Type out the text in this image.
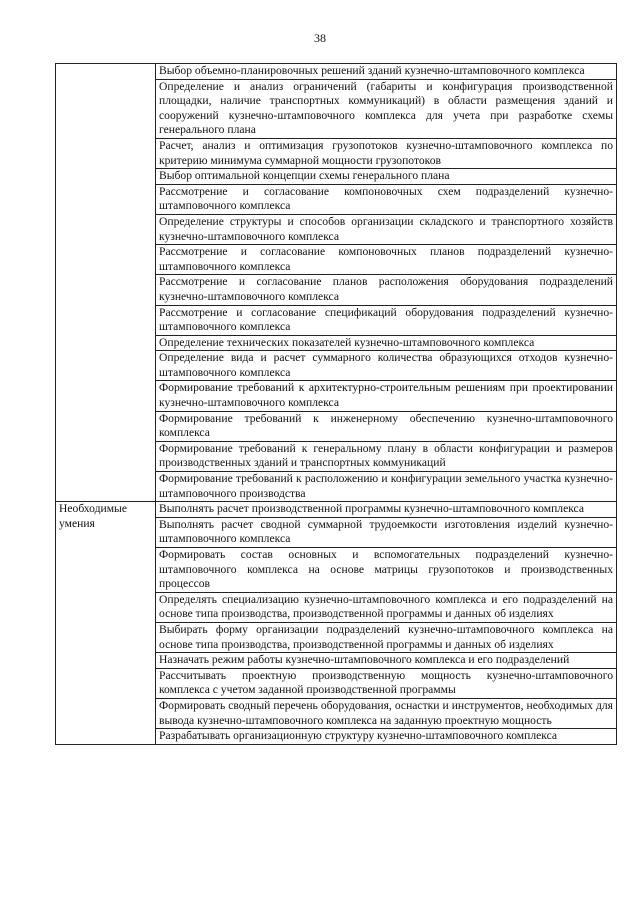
38
	Выбор объемно-планировочных решений зданий кузнечно-штамповочного комплекса
	Определение и анализ ограничений (габариты и конфигурация производственной площадки, наличие транспортных коммуникаций) в области размещения зданий и сооружений кузнечно-штамповочного комплекса для учета при разработке схемы генерального плана
	Расчет, анализ и оптимизация грузопотоков кузнечно-штамповочного комплекса по критерию минимума суммарной мощности грузопотоков
	Выбор оптимальной концепции схемы генерального плана
	Рассмотрение и согласование компоновочных схем подразделений кузнечно-штамповочного комплекса
	Определение структуры и способов организации складского и транспортного хозяйств кузнечно-штамповочного комплекса
	Рассмотрение и согласование компоновочных планов подразделений кузнечно-штамповочного комплекса
	Рассмотрение и согласование планов расположения оборудования подразделений кузнечно-штамповочного комплекса
	Рассмотрение и согласование спецификаций оборудования подразделений кузнечно-штамповочного комплекса
	Определение технических показателей кузнечно-штамповочного комплекса
	Определение вида и расчет суммарного количества образующихся отходов кузнечно-штамповочного комплекса
	Формирование требований к архитектурно-строительным решениям при проектировании кузнечно-штамповочного комплекса
	Формирование требований к инженерному обеспечению кузнечно-штамповочного комплекса
	Формирование требований к генеральному плану в области конфигурации и размеров производственных зданий и транспортных коммуникаций
	Формирование требований к расположению и конфигурации земельного участка кузнечно-штамповочного производства
Необходимые умения	Выполнять расчет производственной программы кузнечно-штамповочного комплекса
	Выполнять расчет сводной суммарной трудоемкости изготовления изделий кузнечно-штамповочного комплекса
	Формировать состав основных и вспомогательных подразделений кузнечно-штамповочного комплекса на основе матрицы грузопотоков и производственных процессов
	Определять специализацию кузнечно-штамповочного комплекса и его подразделений на основе типа производства, производственной программы и данных об изделиях
	Выбирать форму организации подразделений кузнечно-штамповочного комплекса на основе типа производства, производственной программы и данных об изделиях
	Назначать режим работы кузнечно-штамповочного комплекса и его подразделений
	Рассчитывать проектную производственную мощность кузнечно-штамповочного комплекса с учетом заданной производственной программы
	Формировать сводный перечень оборудования, оснастки и инструментов, необходимых для вывода кузнечно-штамповочного комплекса на заданную проектную мощность
	Разрабатывать организационную структуру кузнечно-штамповочного комплекса
